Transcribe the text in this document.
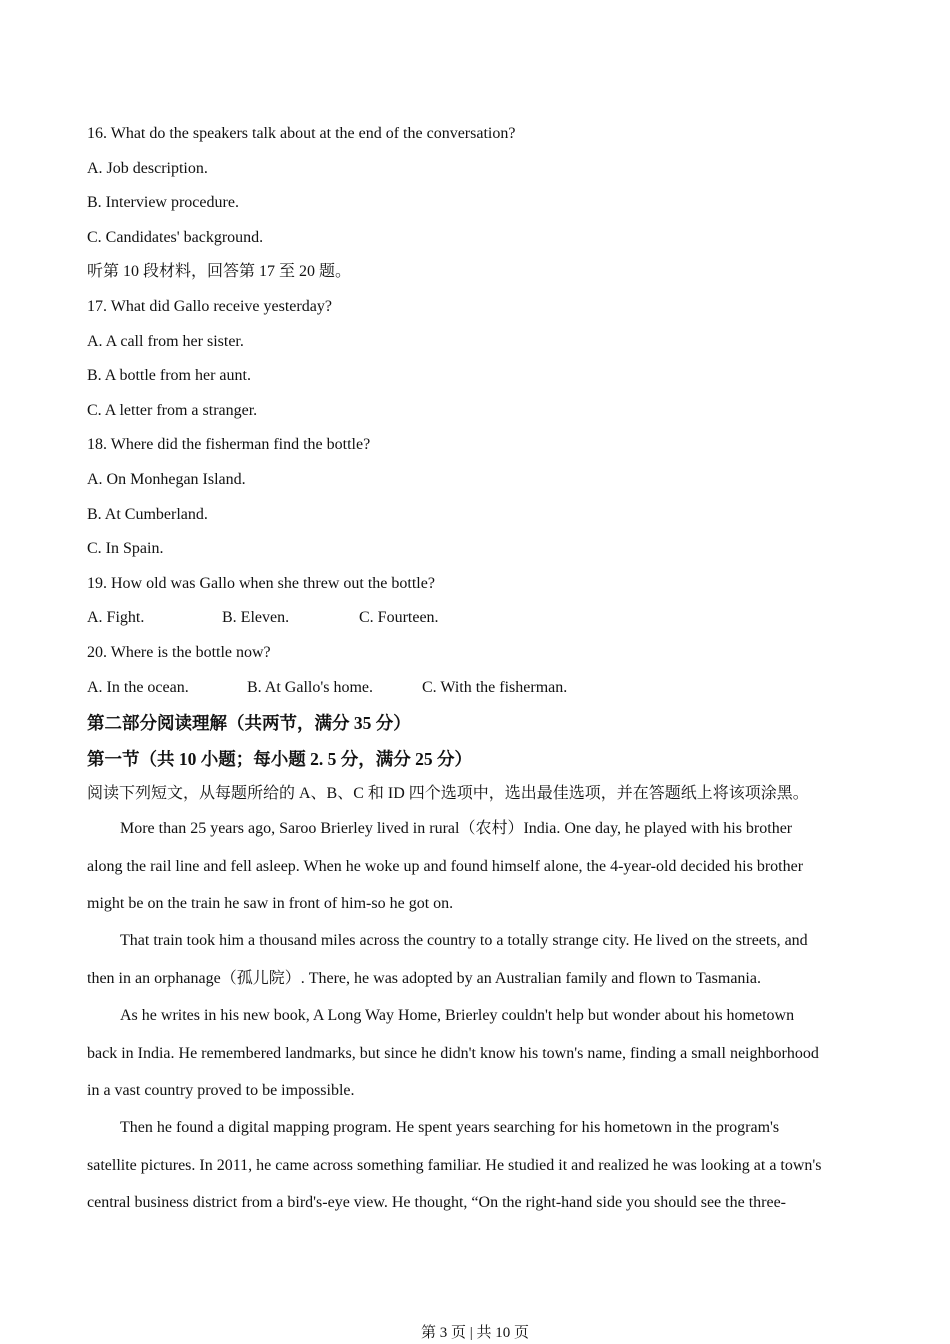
16. What do the speakers talk about at the end of the conversation?
A. Job description.
B. Interview procedure.
C. Candidates' background.
听第 10 段材料，回答第 17 至 20 题。
17. What did Gallo receive yesterday?
A. A call from her sister.
B. A bottle from her aunt.
C. A letter from a stranger.
18. Where did the fisherman find the bottle?
A. On Monhegan Island.
B. At Cumberland.
C. In Spain.
19. How old was Gallo when she threw out the bottle?
A. Fight.	B. Eleven.	C. Fourteen.
20. Where is the bottle now?
A. In the ocean.	B. At Gallo's home.	C. With the fisherman.
第二部分阅读理解（共两节，满分 35 分）
第一节（共 10 小题；每小题 2. 5 分，满分 25 分）
阅读下列短文，从每题所给的 A、B、C 和 ID 四个选项中，选出最佳选项，并在答题纸上将该项涂黑。

More than 25 years ago, Saroo Brierley lived in rural（农村）India. One day, he played with his brother

along the rail line and fell asleep. When he woke up and found himself alone, the 4-year-old decided his brother

might be on the train he saw in front of him-so he got on.

That train took him a thousand miles across the country to a totally strange city. He lived on the streets, and

then in an orphanage（孤儿院）. There, he was adopted by an Australian family and flown to Tasmania.

As he writes in his new book, A Long Way Home, Brierley couldn't help but wonder about his hometown

back in India. He remembered landmarks, but since he didn't know his town's name, finding a small neighborhood

in a vast country proved to be impossible.

Then he found a digital mapping program. He spent years searching for his hometown in the program's

satellite pictures. In 2011, he came across something familiar. He studied it and realized he was looking at a town's

central business district from a bird's-eye view. He thought, “On the right-hand side you should see the three-

第 3 页 | 共 10 页
